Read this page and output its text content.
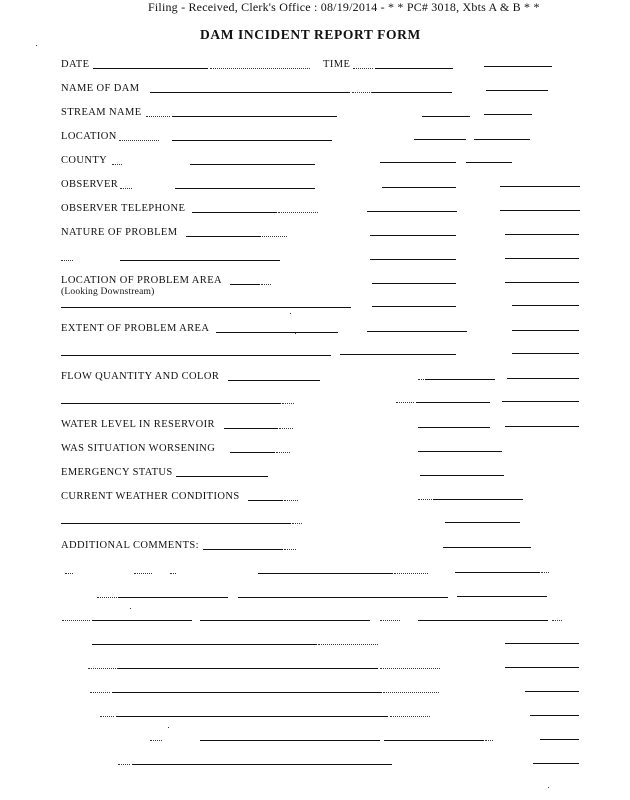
Filing - Received, Clerk's Office : 08/19/2014 - * * PC# 3018, Xbts A & B * *
DAM INCIDENT REPORT FORM
DATE	TIME
NAME OF DAM
STREAM NAME
LOCATION
COUNTY
OBSERVER
OBSERVER TELEPHONE
NATURE OF PROBLEM
LOCATION OF PROBLEM AREA
(Looking Downstream)
EXTENT OF PROBLEM AREA
FLOW QUANTITY AND COLOR
WATER LEVEL IN RESERVOIR
WAS SITUATION WORSENING
EMERGENCY STATUS
CURRENT WEATHER CONDITIONS
ADDITIONAL COMMENTS:
